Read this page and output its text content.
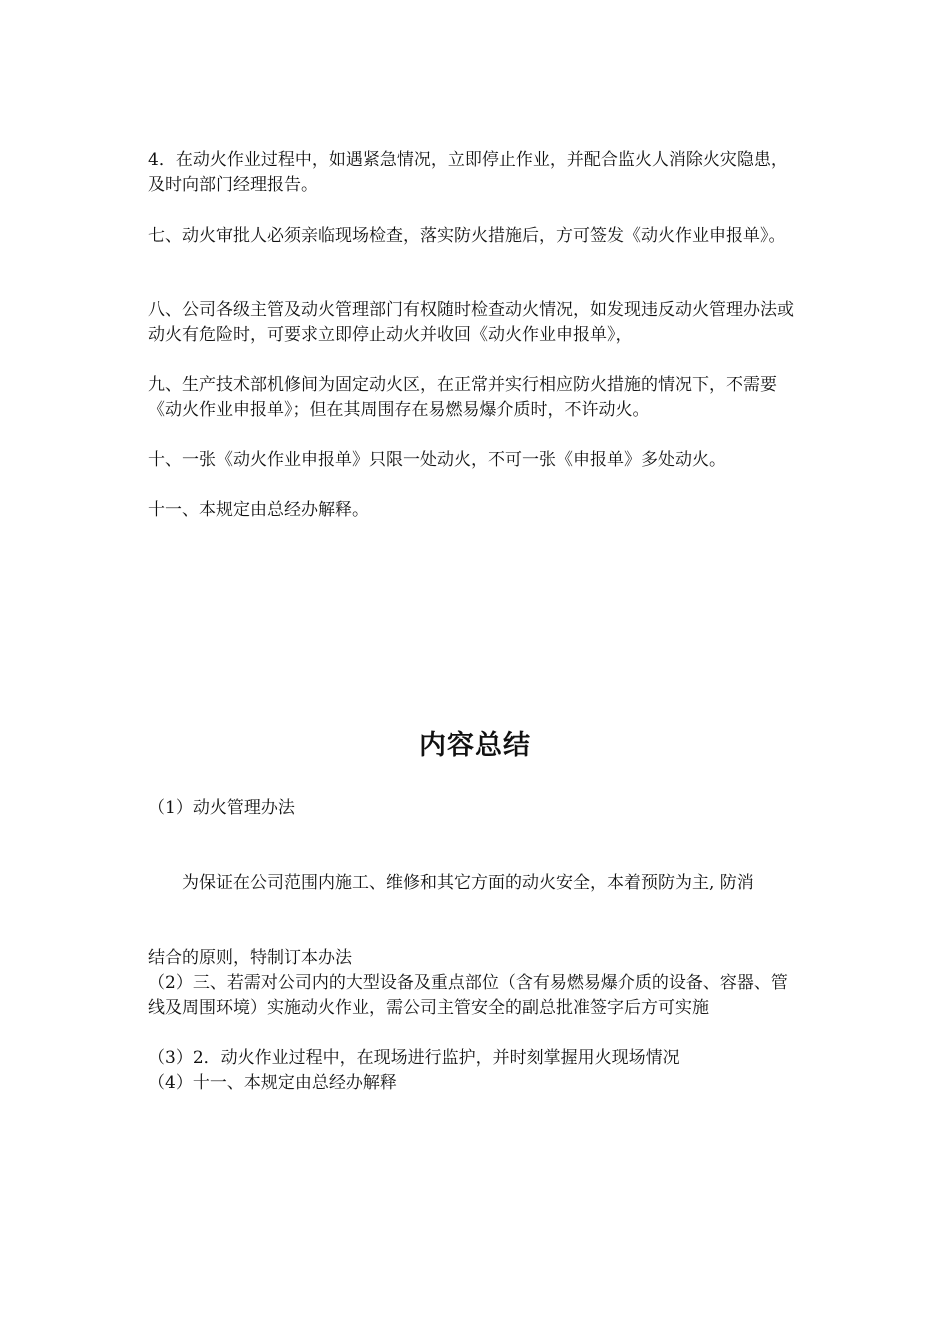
4．在动火作业过程中，如遇紧急情况，立即停止作业，并配合监火人消除火灾隐患，及时向部门经理报告。

七、动火审批人必须亲临现场检查，落实防火措施后，方可签发《动火作业申报单》。

八、公司各级主管及动火管理部门有权随时检查动火情况，如发现违反动火管理办法或动火有危险时，可要求立即停止动火并收回《动火作业申报单》，

九、生产技术部机修间为固定动火区，在正常并实行相应防火措施的情况下，不需要《动火作业申报单》；但在其周围存在易燃易爆介质时，不许动火。

十、一张《动火作业申报单》只限一处动火，不可一张《申报单》多处动火。

十一、本规定由总经办解释。

内容总结

（1）动火管理办法

为保证在公司范围内施工、维修和其它方面的动火安全，本着预防为主, 防消

结合的原则，特制订本办法

（2）三、若需对公司内的大型设备及重点部位（含有易燃易爆介质的设备、容器、管线及周围环境）实施动火作业，需公司主管安全的副总批准签字后方可实施

（3）2．动火作业过程中，在现场进行监护，并时刻掌握用火现场情况

（4）十一、本规定由总经办解释
